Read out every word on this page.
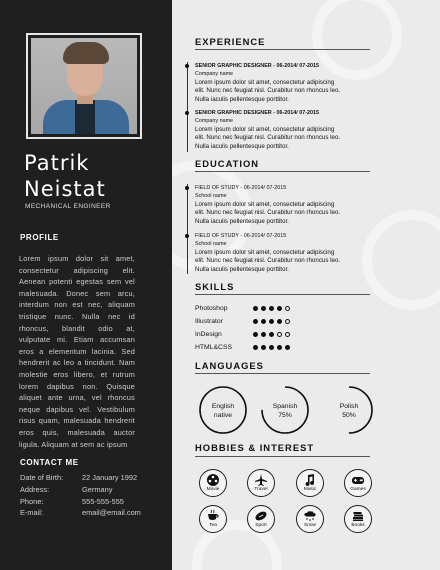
Patrik
Neistat
MECHANICAL ENGINEER
PROFILE
Lorem ipsum dolor sit amet, consectetur adipiscing elit. Aenean potenti egestas sem vel malesuada. Donec sem arcu, interdum non est nec, aliquam tristique nunc. Nulla nec id rhoncus, blandit odio at, vulputate mi. Etiam accumsan eros a elementum lacinia. Sed hendrerit ac leo a tincidunt. Nam molestie eros libero, et rutrum lorem dapibus non. Quisque aliquet ante urna, vel rhoncus neque dapibus vel. Vestibulum risus quam, malesuada hendrerit eros quis, malesuada auctor ligula. Aliquam at sem ac ipsum
CONTACT ME
Date of Birth:	22 January 1992
Address:	Germany
Phone:	555-555-555
E-mail:	email@email.com
EXPERIENCE
SENIOR GRAPHIC DESIGNER - 06-2014/ 07-2015
Company name
Lorem ipsum dolor sit amet, consectetur adipiscing
elit. Nunc nec feugiat nisl. Curabitur non rhoncus leo.
Nulla iaculis pellentesque porttitor.
SENIOR GRAPHIC DESIGNER - 06-2014/ 07-2015
Company name
Lorem ipsum dolor sit amet, consectetur adipiscing
elit. Nunc nec feugiat nisl. Curabitur non rhoncus leo.
Nulla iaculis pellentesque porttitor.
EDUCATION
FIELD OF STUDY - 06-2014/ 07-2015
School name
Lorem ipsum dolor sit amet, consectetur adipiscing
elit. Nunc nec feugiat nisl. Curabitur non rhoncus leo.
Nulla iaculis pellentesque porttitor.
FIELD OF STUDY - 06-2014/ 07-2015
School name
Lorem ipsum dolor sit amet, consectetur adipiscing
elit. Nunc nec feugiat nisl. Curabitur non rhoncus leo.
Nulla iaculis pellentesque porttitor.
SKILLS
Photoshop
Illustrator
InDesign
HTML&CSS
LANGUAGES
English
native
Spanish
75%
Polish
50%
HOBBIES & INTEREST
Movie	Travel	Music	Games
Tea	Sport	Snow	Books
